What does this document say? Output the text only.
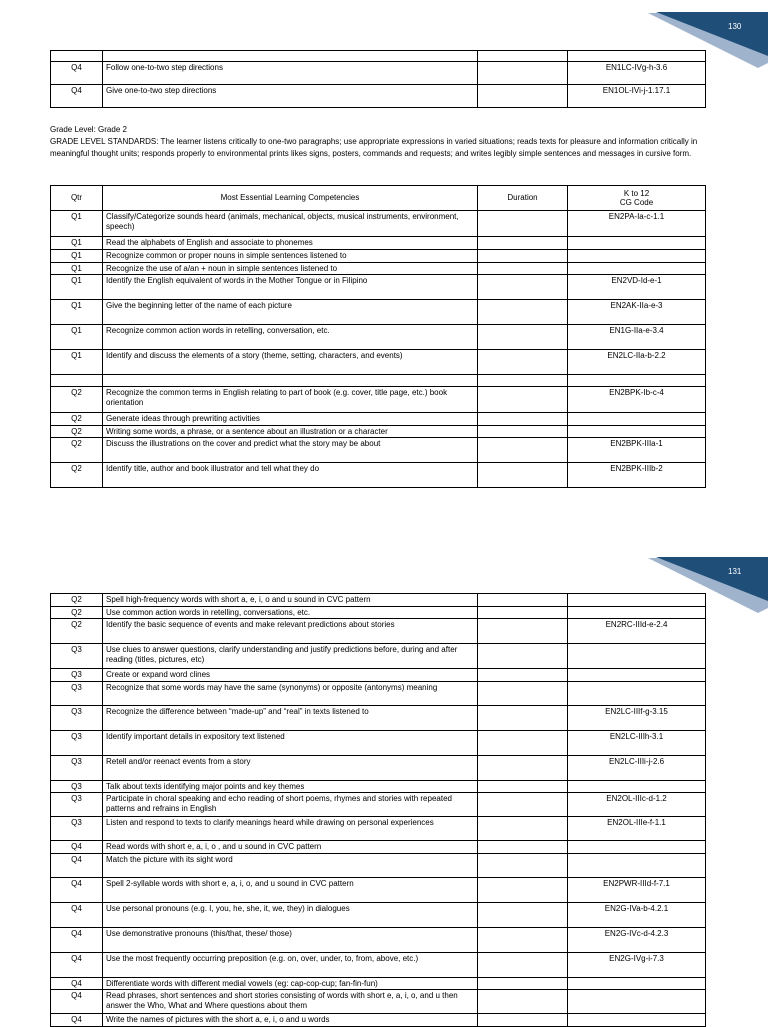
130

Q4	Follow one-to-two step directions		EN1LC-IVg-h-3.6
Q4	Give one-to-two step directions		EN1OL-IVi-j-1.17.1
Grade Level: Grade 2
GRADE LEVEL STANDARDS: The learner listens critically to one-two paragraphs; use appropriate expressions in varied situations; reads texts for pleasure and information critically in meaningful thought units; responds properly to environmental prints likes signs, posters, commands and requests; and writes legibly simple sentences and messages in cursive form.
Qtr	Most Essential Learning Competencies	Duration	K to 12
CG Code

Q1	Classify/Categorize sounds heard (animals, mechanical, objects, musical instruments, environment, speech)		EN2PA-Ia-c-1.1
Q1	Read the alphabets of English and associate to phonemes		
Q1	Recognize common or proper nouns in simple sentences listened to		
Q1	Recognize the use of a/an + noun in simple sentences listened to		
Q1	Identify the English equivalent of words in the Mother Tongue or in Filipino		EN2VD-Id-e-1
Q1	Give the beginning letter of the name of each picture		EN2AK-IIa-e-3
Q1	Recognize common action words in retelling, conversation, etc.		EN1G-IIa-e-3.4
Q1	Identify and discuss the elements of a story (theme, setting, characters, and events)		EN2LC-IIa-b-2.2

Q2	Recognize the common terms in English relating to part of book (e.g. cover, title page, etc.) book orientation		EN2BPK-Ib-c-4
Q2	Generate ideas through prewriting activities		
Q2	Writing some words, a phrase, or a sentence about an illustration or a character		
Q2	Discuss the illustrations on the cover and predict what the story may be about		EN2BPK-IIIa-1
Q2	Identify title, author and book illustrator and tell what they do		EN2BPK-IIIb-2
131
Q2	Spell high-frequency words with short a, e, i, o and u sound in CVC pattern		
Q2	Use common action words in retelling, conversations, etc.		
Q2	Identify the basic sequence of events and make relevant predictions about stories		EN2RC-IIId-e-2.4
Q3	Use clues to answer questions, clarify understanding and justify predictions before, during and after reading (titles, pictures, etc)		
Q3	Create or expand word clines		
Q3	Recognize that some words may have the same (synonyms) or opposite (antonyms) meaning		
Q3	Recognize the difference between “made-up” and “real” in texts listened to		EN2LC-IIIf-g-3.15
Q3	Identify important details in expository text listened		EN2LC-IIIh-3.1
Q3	Retell and/or reenact events from a story		EN2LC-IIIi-j-2.6
Q3	Talk about texts identifying major points and key themes		
Q3	Participate in choral speaking and echo reading of short poems, rhymes and stories with repeated patterns and refrains in English		EN2OL-IIIc-d-1.2
Q3	Listen and respond to texts to clarify meanings heard while drawing on personal experiences		EN2OL-IIIe-f-1.1
Q4	Read words with short e, a, i, o , and u sound in CVC pattern		
Q4	Match the picture with its sight word		
Q4	Spell 2-syllable words with short e, a, i, o, and u sound in CVC pattern		EN2PWR-IIId-f-7.1
Q4	Use personal pronouns (e.g. I, you, he, she, it, we, they) in dialogues		EN2G-IVa-b-4.2.1
Q4	Use demonstrative pronouns (this/that, these/ those)		EN2G-IVc-d-4.2.3
Q4	Use the most frequently occurring preposition (e.g. on, over, under, to, from, above, etc.)		EN2G-IVg-i-7.3
Q4	Differentiate words with different medial vowels (eg: cap-cop-cup; fan-fin-fun)		
Q4	Read phrases, short sentences and short stories consisting of words with short e, a, i, o, and u then answer the Who, What and Where questions about them		
Q4	Write the names of pictures with the short a, e, i, o and u words		
